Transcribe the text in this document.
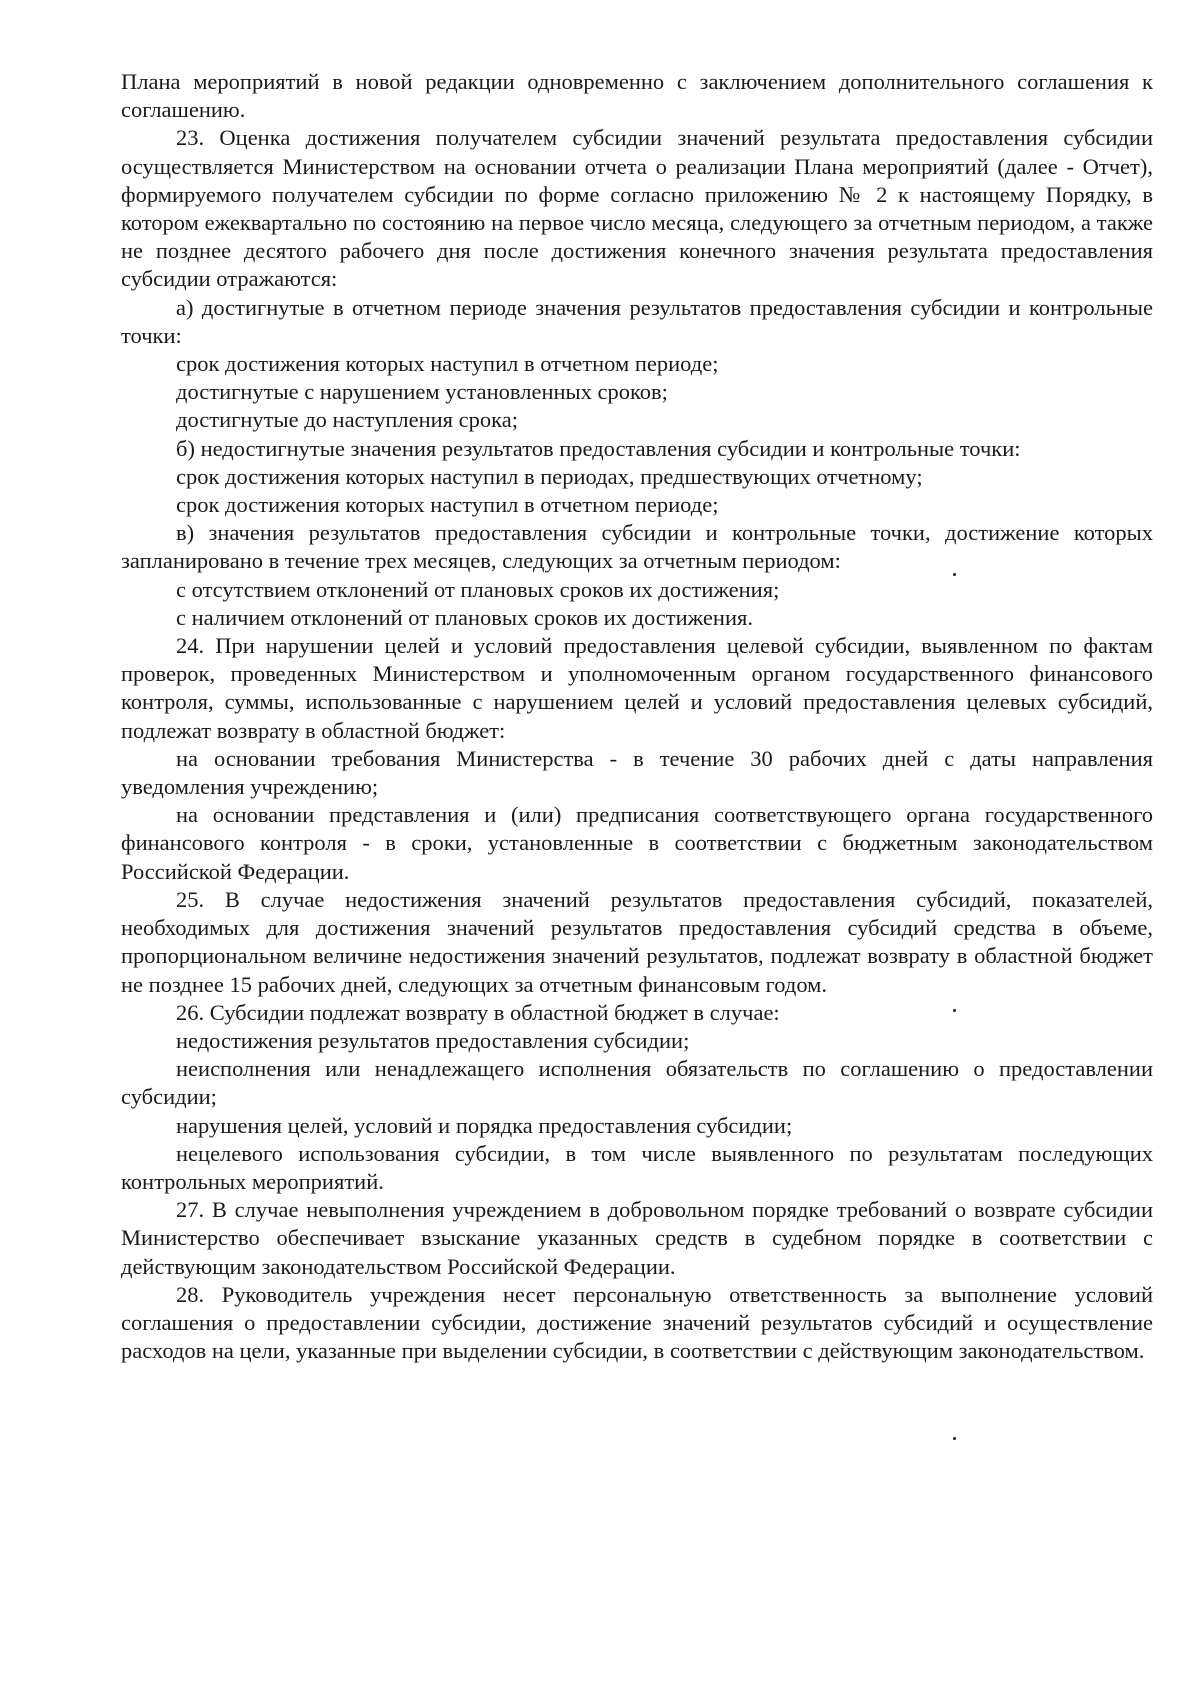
Плана мероприятий в новой редакции одновременно с заключением дополнительного соглашения к соглашению.

23. Оценка достижения получателем субсидии значений результата предоставления субсидии осуществляется Министерством на основании отчета о реализации Плана мероприятий (далее - Отчет), формируемого получателем субсидии по форме согласно приложению № 2 к настоящему Порядку, в котором ежеквартально по состоянию на первое число месяца, следующего за отчетным периодом, а также не позднее десятого рабочего дня после достижения конечного значения результата предоставления субсидии отражаются:

а) достигнутые в отчетном периоде значения результатов предоставления субсидии и контрольные точки:

срок достижения которых наступил в отчетном периоде;

достигнутые с нарушением установленных сроков;

достигнутые до наступления срока;

б) недостигнутые значения результатов предоставления субсидии и контрольные точки:

срок достижения которых наступил в периодах, предшествующих отчетному;

срок достижения которых наступил в отчетном периоде;

в) значения результатов предоставления субсидии и контрольные точки, достижение которых запланировано в течение трех месяцев, следующих за отчетным периодом:

с отсутствием отклонений от плановых сроков их достижения;

с наличием отклонений от плановых сроков их достижения.

24. При нарушении целей и условий предоставления целевой субсидии, выявленном по фактам проверок, проведенных Министерством и уполномоченным органом государственного финансового контроля, суммы, использованные с нарушением целей и условий предоставления целевых субсидий, подлежат возврату в областной бюджет:

на основании требования Министерства - в течение 30 рабочих дней с даты направления уведомления учреждению;

на основании представления и (или) предписания соответствующего органа государственного финансового контроля - в сроки, установленные в соответствии с бюджетным законодательством Российской Федерации.

25. В случае недостижения значений результатов предоставления субсидий, показателей, необходимых для достижения значений результатов предоставления субсидий средства в объеме, пропорциональном величине недостижения значений результатов, подлежат возврату в областной бюджет не позднее 15 рабочих дней, следующих за отчетным финансовым годом.

26. Субсидии подлежат возврату в областной бюджет в случае:

недостижения результатов предоставления субсидии;

неисполнения или ненадлежащего исполнения обязательств по соглашению о предоставлении субсидии;

нарушения целей, условий и порядка предоставления субсидии;

нецелевого использования субсидии, в том числе выявленного по результатам последующих контрольных мероприятий.

27. В случае невыполнения учреждением в добровольном порядке требований о возврате субсидии Министерство обеспечивает взыскание указанных средств в судебном порядке в соответствии с действующим законодательством Российской Федерации.

28. Руководитель учреждения несет персональную ответственность за выполнение условий соглашения о предоставлении субсидии, достижение значений результатов субсидий и осуществление расходов на цели, указанные при выделении субсидии, в соответствии с действующим законодательством.
